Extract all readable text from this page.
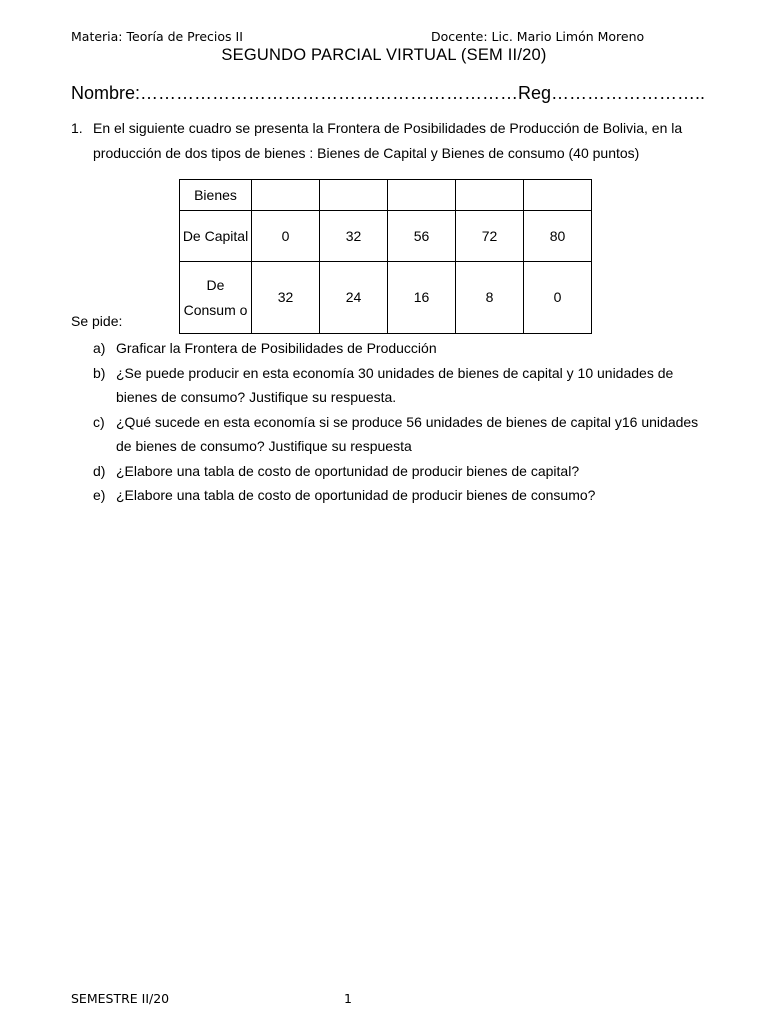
Materia: Teoría de Precios II	Docente: Lic. Mario Limón Moreno
SEGUNDO PARCIAL VIRTUAL (SEM II/20)
Nombre:………………………………………………………Reg……………………..
1. En el siguiente cuadro se presenta la Frontera de Posibilidades de Producción de Bolivia, en la producción de dos tipos de bienes : Bienes de Capital y Bienes de consumo (40 puntos)
Bienes					
De Capital	0	32	56	72	80
De Consum o	32	24	16	8	0
Se pide:
a) Graficar la Frontera de Posibilidades de Producción
b) ¿Se puede producir en esta economía 30 unidades de bienes de capital y 10 unidades de bienes de consumo? Justifique su respuesta.
c) ¿Qué sucede en esta economía si se produce 56 unidades de bienes de capital y16 unidades de bienes de consumo? Justifique su respuesta
d) ¿Elabore una tabla de costo de oportunidad de producir bienes de capital?
e) ¿Elabore una tabla de costo de oportunidad de producir bienes de consumo?
SEMESTRE II/20	1
